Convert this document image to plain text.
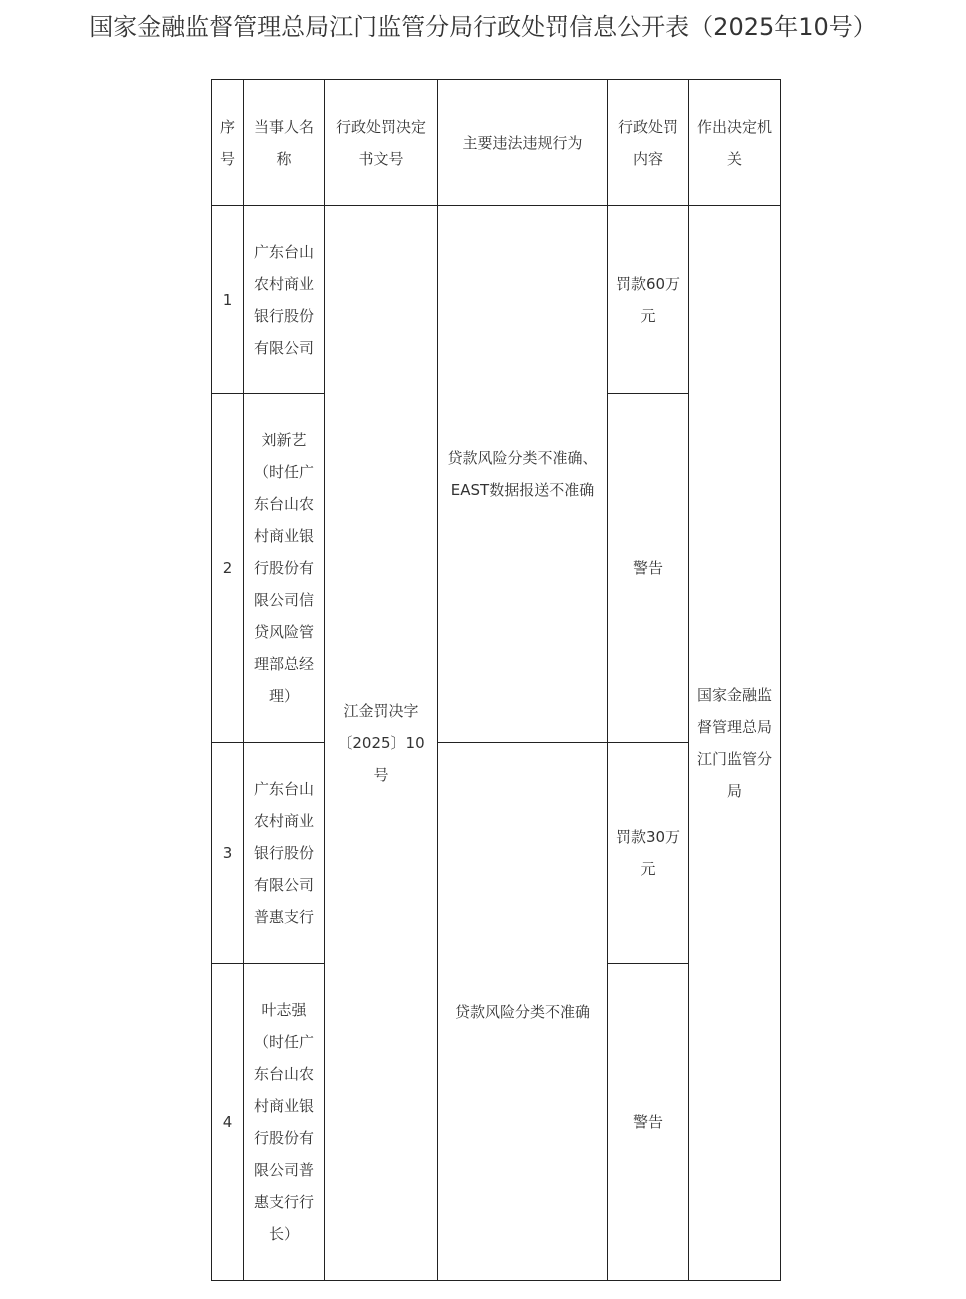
国家金融监督管理总局江门监管分局行政处罚信息公开表（2025年10号）
序号	当事人名称	行政处罚决定书文号	主要违法违规行为	行政处罚内容	作出决定机关

1	广东台山农村商业银行股份有限公司	江金罚决字〔2025〕10号	贷款风险分类不准确、EAST数据报送不准确	罚款60万元	国家金融监督管理总局江门监管分局

2	刘新艺（时任广东台山农村商业银行股份有限公司信贷风险管理部总经理）			警告	

3	广东台山农村商业银行股份有限公司普惠支行		贷款风险分类不准确	罚款30万元	

4	叶志强（时任广东台山农村商业银行股份有限公司普惠支行行长）			警告	
